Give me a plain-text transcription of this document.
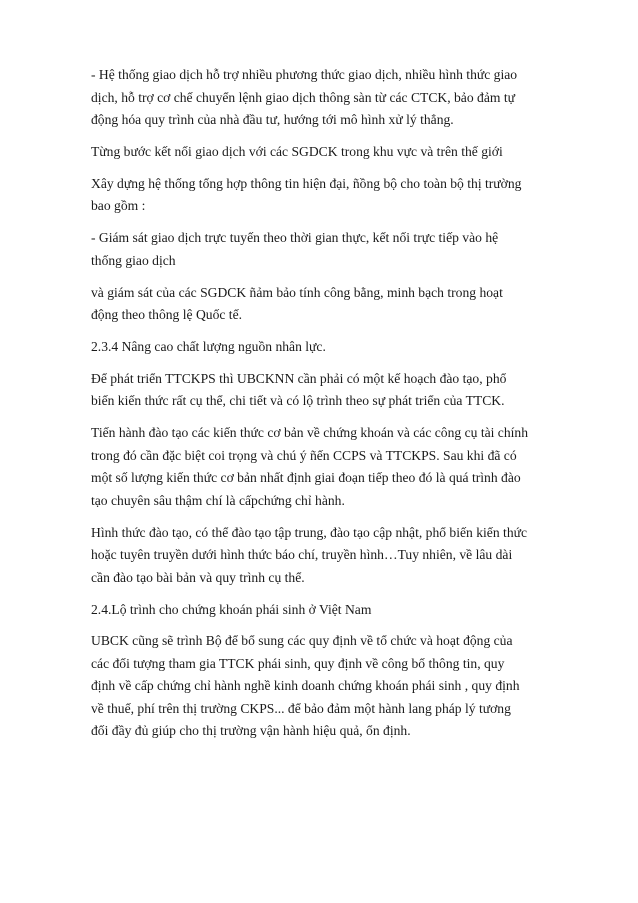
- Hệ thống giao dịch hỗ trợ nhiều phương thức giao dịch, nhiều hình thức giao
dịch, hỗ trợ cơ chế chuyển lệnh giao dịch thông sàn từ các CTCK, bảo đảm tự
động hóa quy trình của nhà đầu tư, hướng tới mô hình xử lý thẳng.

Từng bước kết nối giao dịch với các SGDCK trong khu vực và trên thế giới

Xây dựng hệ thống tổng hợp thông tin hiện đại, ñồng bộ cho toàn bộ thị trường
bao gồm :

- Giám sát giao dịch trực tuyến theo thời gian thực, kết nối trực tiếp vào hệ
thống giao dịch

và giám sát của các SGDCK ñảm bảo tính công bằng, minh bạch trong hoạt
động theo thông lệ Quốc tế.

2.3.4 Nâng cao chất lượng nguồn nhân lực.

Để phát triển TTCKPS thì UBCKNN cần phải có một kế hoạch đào tạo, phổ
biến kiến thức rất cụ thể, chi tiết và có lộ trình theo sự phát triển của TTCK.

Tiến hành đào tạo các kiến thức cơ bản về chứng khoán và các công cụ tài chính
trong đó cần đặc biệt coi trọng và chú ý ñến CCPS và TTCKPS. Sau khi đã có
một số lượng kiến thức cơ bản nhất định giai đoạn tiếp theo đó là quá trình đào
tạo chuyên sâu thậm chí là cấpchứng chỉ hành.

Hình thức đào tạo, có thể đào tạo tập trung, đào tạo cập nhật, phổ biến kiến thức
hoặc tuyên truyền dưới hình thức báo chí, truyền hình…Tuy nhiên, về lâu dài
cần đào tạo bài bản và quy trình cụ thể.

2.4.Lộ trình cho chứng khoán phái sinh ở Việt Nam

UBCK cũng sẽ trình Bộ để bổ sung các quy định về tổ chức và hoạt động của
các đối tượng tham gia TTCK phái sinh, quy định về công bố thông tin, quy
định về cấp chứng chỉ hành nghề kinh doanh chứng khoán phái sinh , quy định
về thuế, phí trên thị trường CKPS... để bảo đảm một hành lang pháp lý tương
đối đầy đủ giúp cho thị trường vận hành hiệu quả, ổn định.
